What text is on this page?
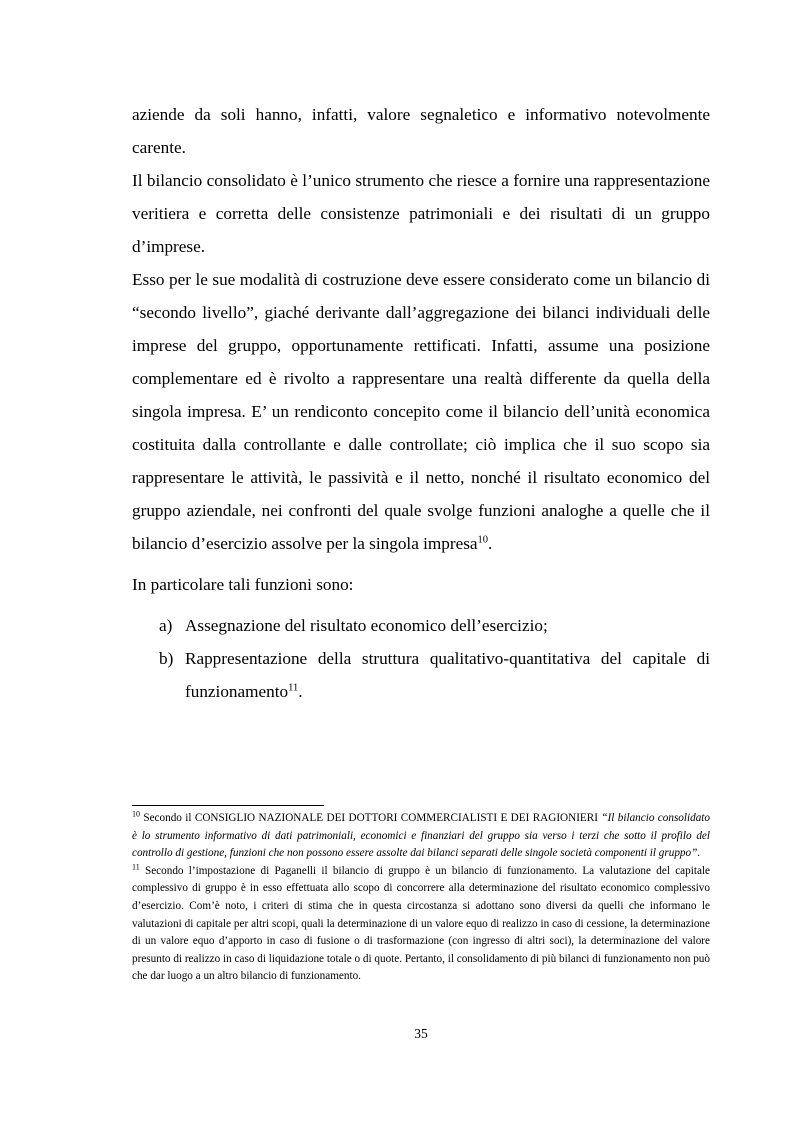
aziende da soli hanno, infatti, valore segnaletico e informativo notevolmente carente.

Il bilancio consolidato è l’unico strumento che riesce a fornire una rappresentazione veritiera e corretta delle consistenze patrimoniali e dei risultati di un gruppo d’imprese.

Esso per le sue modalità di costruzione deve essere considerato come un bilancio di “secondo livello”, giaché derivante dall’aggregazione dei bilanci individuali delle imprese del gruppo, opportunamente rettificati. Infatti, assume una posizione complementare ed è rivolto a rappresentare una realtà differente da quella della singola impresa. E’ un rendiconto concepito come il bilancio dell’unità economica costituita dalla controllante e dalle controllate; ciò implica che il suo scopo sia rappresentare le attività, le passività e il netto, nonché il risultato economico del gruppo aziendale, nei confronti del quale svolge funzioni analoghe a quelle che il bilancio d’esercizio assolve per la singola impresa$^{10}$.

In particolare tali funzioni sono:

a) Assegnazione del risultato economico dell’esercizio;
b) Rappresentazione della struttura qualitativo-quantitativa del capitale di funzionamento$^{11}$.

$^{10}$ Secondo il CONSIGLIO NAZIONALE DEI DOTTORI COMMERCIALISTI E DEI RAGIONIERI “Il bilancio consolidato è lo strumento informativo di dati patrimoniali, economici e finanziari del gruppo sia verso i terzi che sotto il profilo del controllo di gestione, funzioni che non possono essere assolte dai bilanci separati delle singole società componenti il gruppo”.

$^{11}$ Secondo l’impostazione di Paganelli il bilancio di gruppo è un bilancio di funzionamento. La valutazione del capitale complessivo di gruppo è in esso effettuata allo scopo di concorrere alla determinazione del risultato economico complessivo d’esercizio. Com’è noto, i criteri di stima che in questa circostanza si adottano sono diversi da quelli che informano le valutazioni di capitale per altri scopi, quali la determinazione di un valore equo di realizzo in caso di cessione, la determinazione di un valore equo d’apporto in caso di fusione o di trasformazione (con ingresso di altri soci), la determinazione del valore presunto di realizzo in caso di liquidazione totale o di quote. Pertanto, il consolidamento di più bilanci di funzionamento non può che dar luogo a un altro bilancio di funzionamento.

35
